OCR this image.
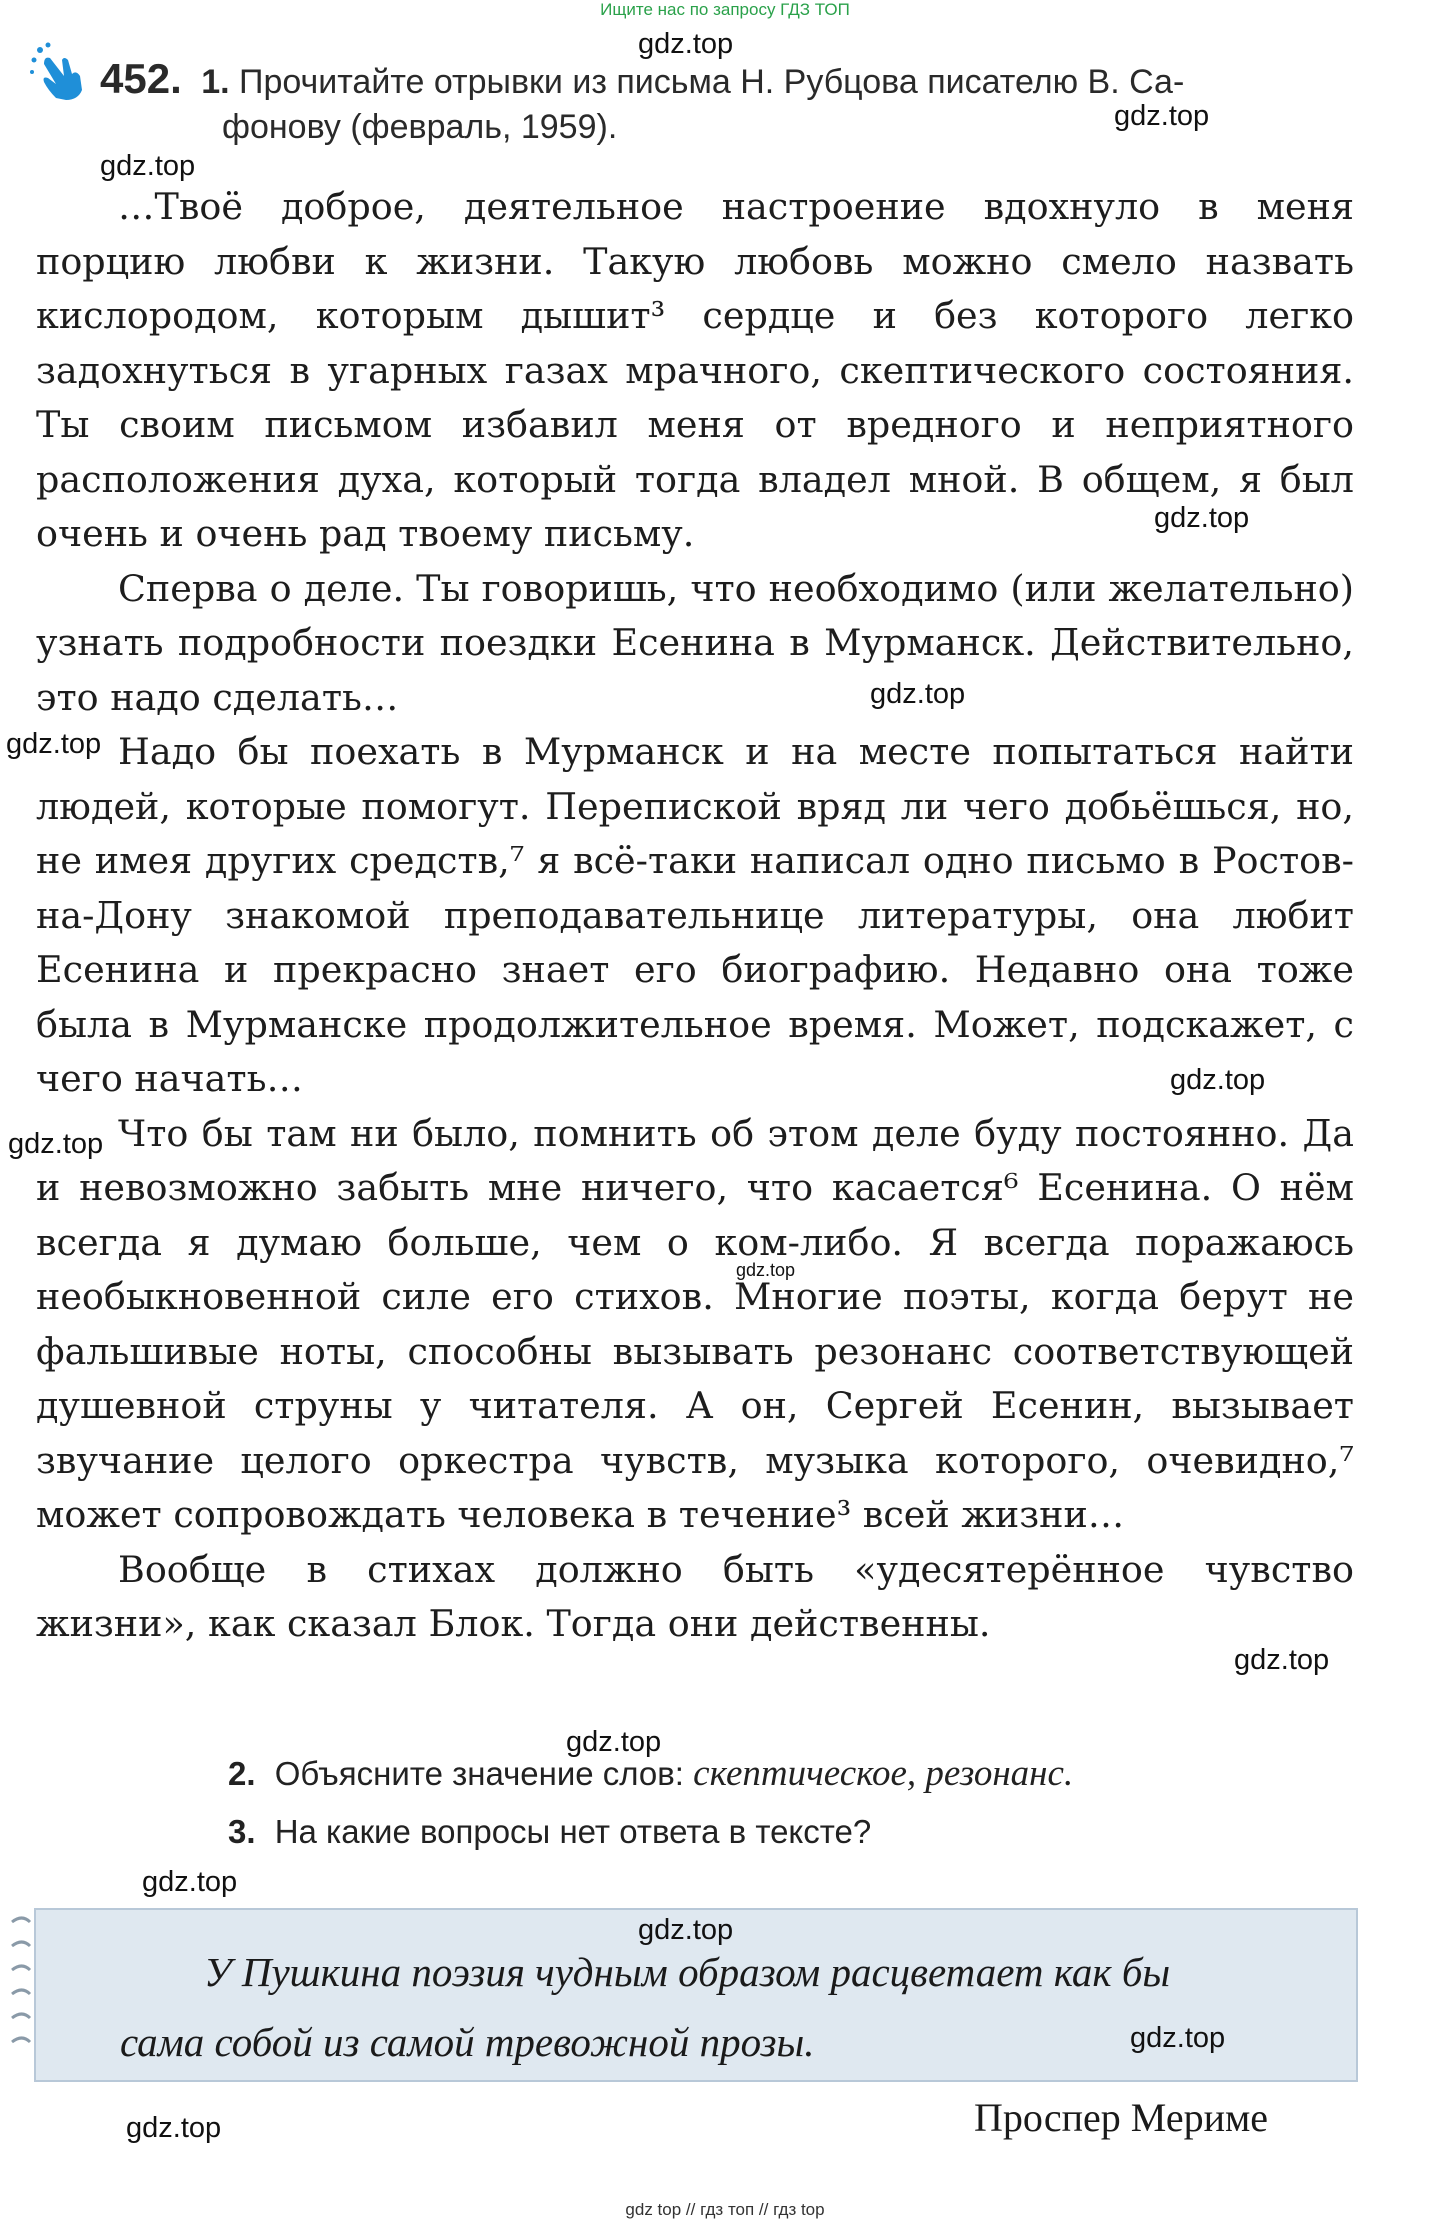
Ищите нас по запросу ГДЗ ТОП
452. 1. Прочитайте отрывки из письма Н. Рубцова писателю В. Са-
фонову (февраль, 1959).

…Твоё доброе, деятельное настроение вдохнуло в меня порцию любви к жизни. Такую любовь можно смело назвать кислородом, которым дышит³ сердце и без которого легко задохнуться в угарных газах мрачного, скептического состояния. Ты своим письмом избавил меня от вредного и неприятного расположения духа, который тогда владел мной. В общем, я был очень и очень рад твоему письму.

Сперва о деле. Ты говоришь, что необходимо (или желательно) узнать подробности поездки Есенина в Мурманск. Действительно, это надо сделать…

Надо бы поехать в Мурманск и на месте попытаться найти людей, которые помогут. Перепиской вряд ли чего добьёшься, но, не имея других средств,⁷ я всё-таки написал одно письмо в Ростов-на-Дону знакомой преподавательнице литературы, она любит Есенина и прекрасно знает его биографию. Недавно она тоже была в Мурманске продолжительное время. Может, подскажет, с чего начать…

Что бы там ни было, помнить об этом деле буду постоянно. Да и невозможно забыть мне ничего, что касается⁶ Есенина. О нём всегда я думаю больше, чем о ком-либо. Я всегда поражаюсь необыкновенной силе его стихов. Многие поэты, когда берут не фальшивые ноты, способны вызывать резонанс соответствующей душевной струны у читателя. А он, Сергей Есенин, вызывает звучание целого оркестра чувств, музыка которого, очевидно,⁷ может сопровождать человека в течение³ всей жизни…

Вообще в стихах должно быть «удесятерённое чувство жизни», как сказал Блок. Тогда они действенны.

2. Объясните значение слов: скептическое, резонанс.
3. На какие вопросы нет ответа в тексте?
У Пушкина поэзия чудным образом расцветает как бы
сама собой из самой тревожной прозы.
Проспер Мериме
gdz.top
gdz.top
gdz.top
gdz.top
gdz.top
gdz.top
gdz.top
gdz.top
gdz.top
gdz.top
gdz.top
gdz.top
gdz.top
gdz.top
gdz.top
gdz top // гдз топ // гдз top
